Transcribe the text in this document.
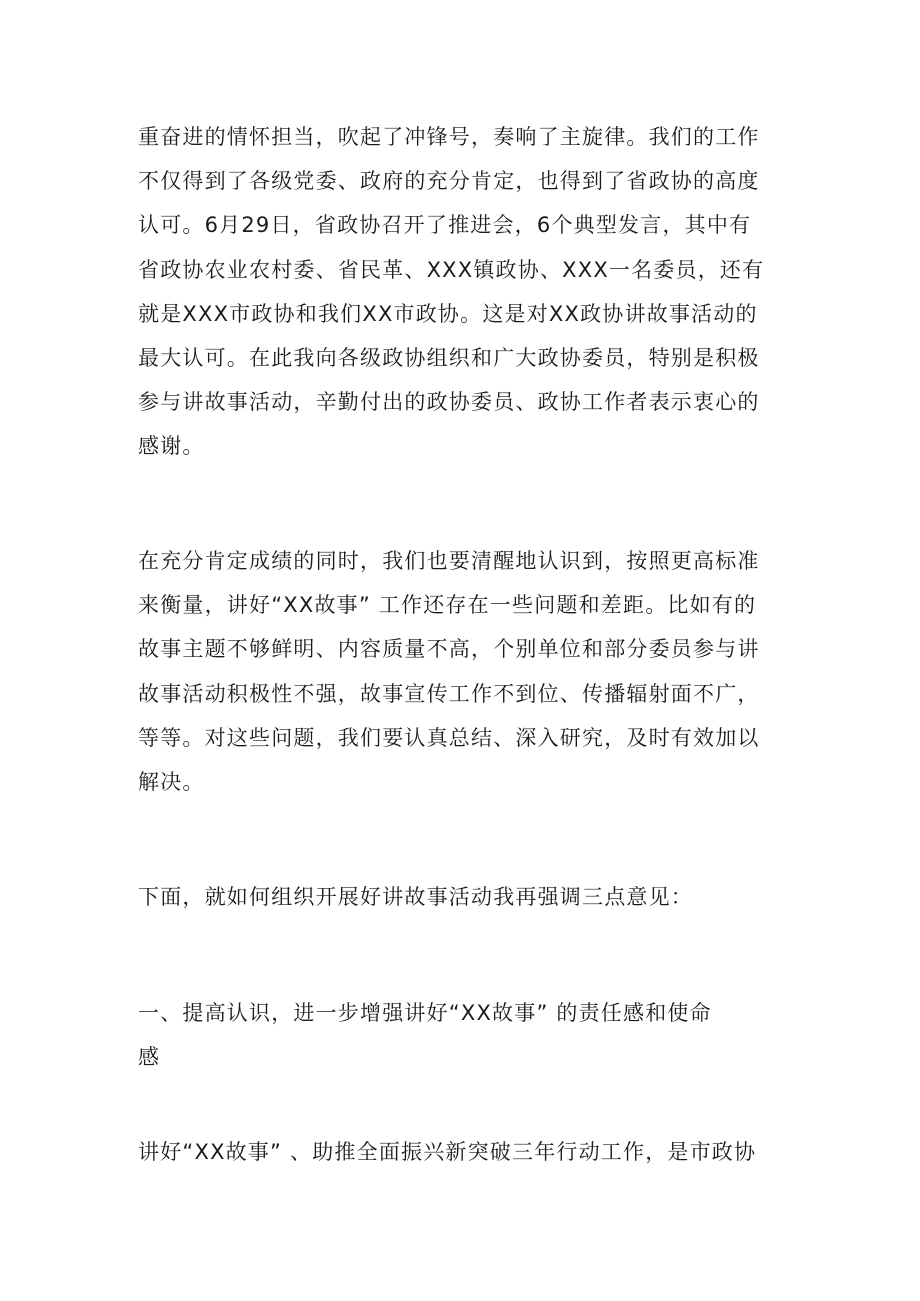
重奋进的情怀担当，吹起了冲锋号，奏响了主旋律。我们的工作
不仅得到了各级党委、政府的充分肯定，也得到了省政协的高度
认可。6月29日，省政协召开了推进会，6个典型发言，其中有
省政协农业农村委、省民革、XXX镇政协、XXX一名委员，还有
就是XXX市政协和我们XX市政协。这是对XX政协讲故事活动的
最大认可。在此我向各级政协组织和广大政协委员，特别是积极
参与讲故事活动，辛勤付出的政协委员、政协工作者表示衷心的
感谢。
在充分肯定成绩的同时，我们也要清醒地认识到，按照更高标准
来衡量，讲好“XX故事” 工作还存在一些问题和差距。比如有的
故事主题不够鲜明、内容质量不高，个别单位和部分委员参与讲
故事活动积极性不强，故事宣传工作不到位、传播辐射面不广，
等等。对这些问题，我们要认真总结、深入研究，及时有效加以
解决。
下面，就如何组织开展好讲故事活动我再强调三点意见：
一、提高认识，进一步增强讲好“XX故事” 的责任感和使命
感
讲好“XX故事” 、助推全面振兴新突破三年行动工作，是市政协
